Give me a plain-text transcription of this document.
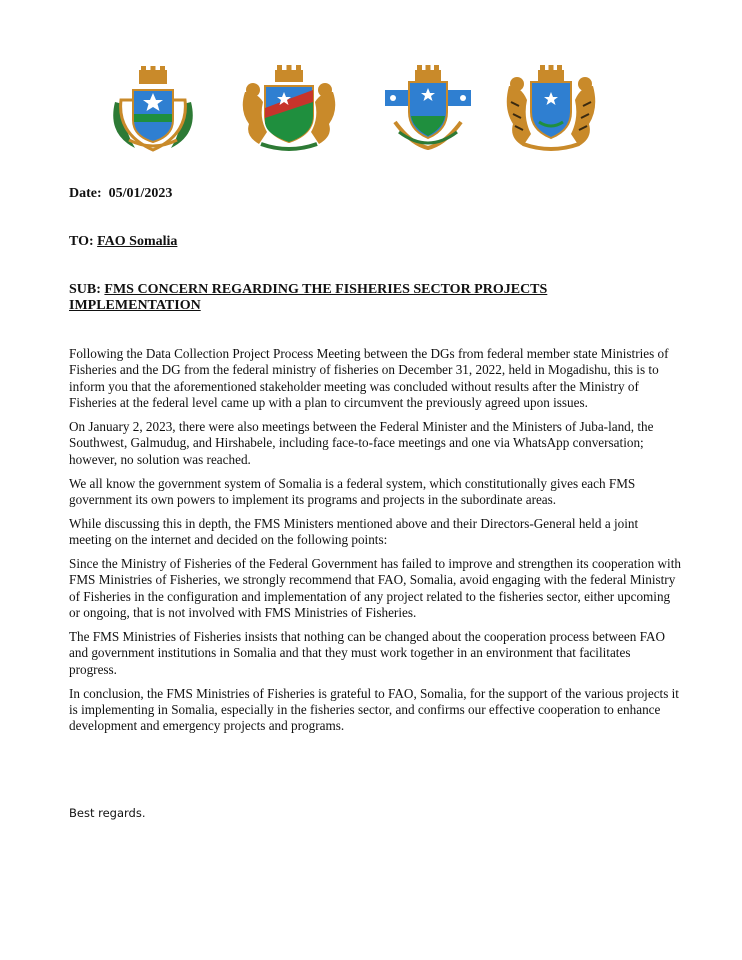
Date: 05/01/2023
TO: FAO Somalia
SUB: FMS CONCERN REGARDING THE FISHERIES SECTOR PROJECTS
IMPLEMENTATION

Following the Data Collection Project Process Meeting between the DGs from federal member state Ministries of Fisheries and the DG from the federal ministry of fisheries on December 31, 2022, held in Mogadishu, this is to inform you that the aforementioned stakeholder meeting was concluded without results after the Ministry of Fisheries at the federal level came up with a plan to circumvent the previously agreed upon issues.

On January 2, 2023, there were also meetings between the Federal Minister and the Ministers of Juba-land, the Southwest, Galmudug, and Hirshabele, including face-to-face meetings and one via WhatsApp conversation; however, no solution was reached.

We all know the government system of Somalia is a federal system, which constitutionally gives each FMS government its own powers to implement its programs and projects in the subordinate areas.

While discussing this in depth, the FMS Ministers mentioned above and their Directors-General held a joint meeting on the internet and decided on the following points:

Since the Ministry of Fisheries of the Federal Government has failed to improve and strengthen its cooperation with FMS Ministries of Fisheries, we strongly recommend that FAO, Somalia, avoid engaging with the federal Ministry of Fisheries in the configuration and implementation of any project related to the fisheries sector, either upcoming or ongoing, that is not involved with FMS Ministries of Fisheries.

The FMS Ministries of Fisheries insists that nothing can be changed about the cooperation process between FAO and government institutions in Somalia and that they must work together in an environment that facilitates progress.

In conclusion, the FMS Ministries of Fisheries is grateful to FAO, Somalia, for the support of the various projects it is implementing in Somalia, especially in the fisheries sector, and confirms our effective cooperation to enhance development and emergency projects and programs.

Best regards.
